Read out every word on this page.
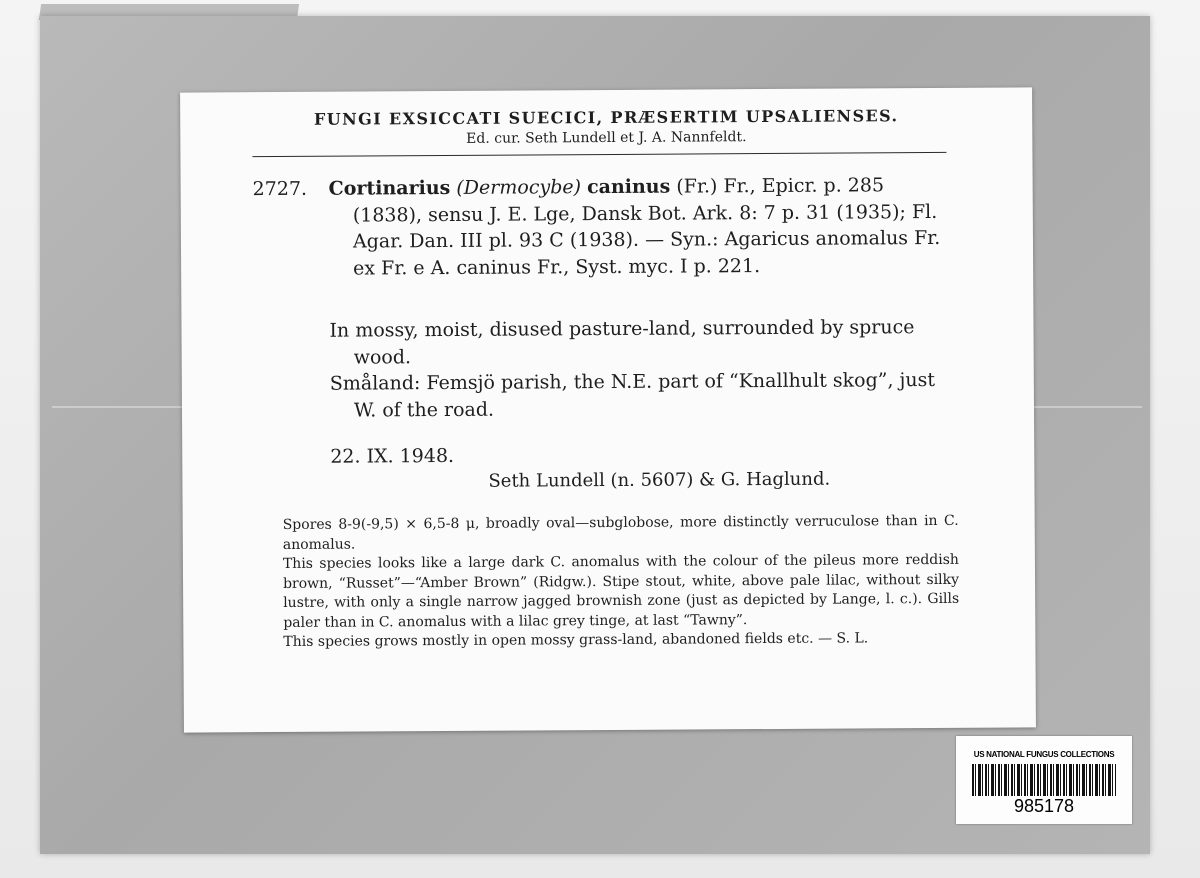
FUNGI EXSICCATI SUECICI, PRÆSERTIM UPSALIENSES.
Ed. cur. Seth Lundell et J. A. Nannfeldt.
2727. Cortinarius (Dermocybe) caninus (Fr.) Fr., Epicr. p. 285 (1838), sensu J. E. Lge, Dansk Bot. Ark. 8: 7 p. 31 (1935); Fl. Agar. Dan. III pl. 93 C (1938). — Syn.: Agaricus anomalus Fr. ex Fr. e A. caninus Fr., Syst. myc. I p. 221.

In mossy, moist, disused pasture-land, surrounded by spruce wood.

Småland: Femsjö parish, the N.E. part of “Knallhult skog”, just W. of the road.

22. IX. 1948.
Seth Lundell (n. 5607) & G. Haglund.

Spores 8-9(-9,5) × 6,5-8 μ, broadly oval—subglobose, more distinctly verruculose than in C. anomalus.

This species looks like a large dark C. anomalus with the colour of the pileus more reddish brown, “Russet”—“Amber Brown” (Ridgw.). Stipe stout, white, above pale lilac, without silky lustre, with only a single narrow jagged brownish zone (just as depicted by Lange, l. c.). Gills paler than in C. anomalus with a lilac grey tinge, at last “Tawny”.

This species grows mostly in open mossy grass-land, abandoned fields etc. — S. L.

US NATIONAL FUNGUS COLLECTIONS
985178
